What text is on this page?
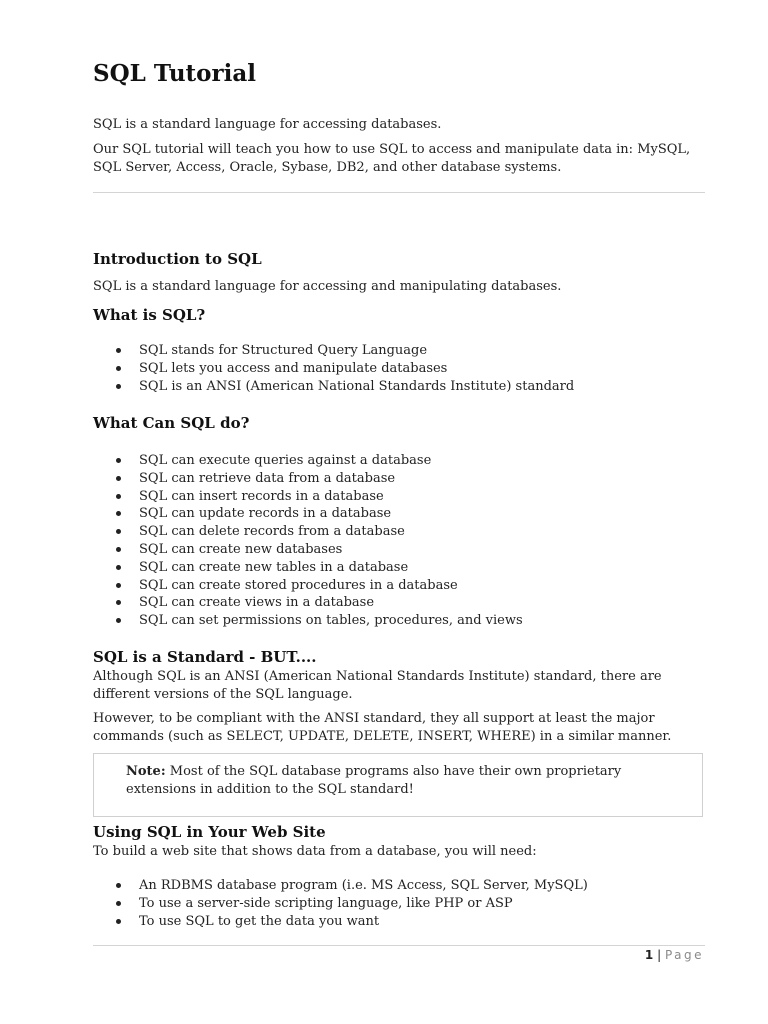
SQL Tutorial

SQL is a standard language for accessing databases.

Our SQL tutorial will teach you how to use SQL to access and manipulate data in: MySQL, SQL Server, Access, Oracle, Sybase, DB2, and other database systems.

Introduction to SQL

SQL is a standard language for accessing and manipulating databases.

What is SQL?
SQL stands for Structured Query Language
SQL lets you access and manipulate databases
SQL is an ANSI (American National Standards Institute) standard
What Can SQL do?
SQL can execute queries against a database
SQL can retrieve data from a database
SQL can insert records in a database
SQL can update records in a database
SQL can delete records from a database
SQL can create new databases
SQL can create new tables in a database
SQL can create stored procedures in a database
SQL can create views in a database
SQL can set permissions on tables, procedures, and views
SQL is a Standard - BUT....

Although SQL is an ANSI (American National Standards Institute) standard, there are different versions of the SQL language.

However, to be compliant with the ANSI standard, they all support at least the major commands (such as SELECT, UPDATE, DELETE, INSERT, WHERE) in a similar manner.

Note: Most of the SQL database programs also have their own proprietary extensions in addition to the SQL standard!

Using SQL in Your Web Site

To build a web site that shows data from a database, you will need:

An RDBMS database program (i.e. MS Access, SQL Server, MySQL)
To use a server-side scripting language, like PHP or ASP
To use SQL to get the data you want
1 | Page
